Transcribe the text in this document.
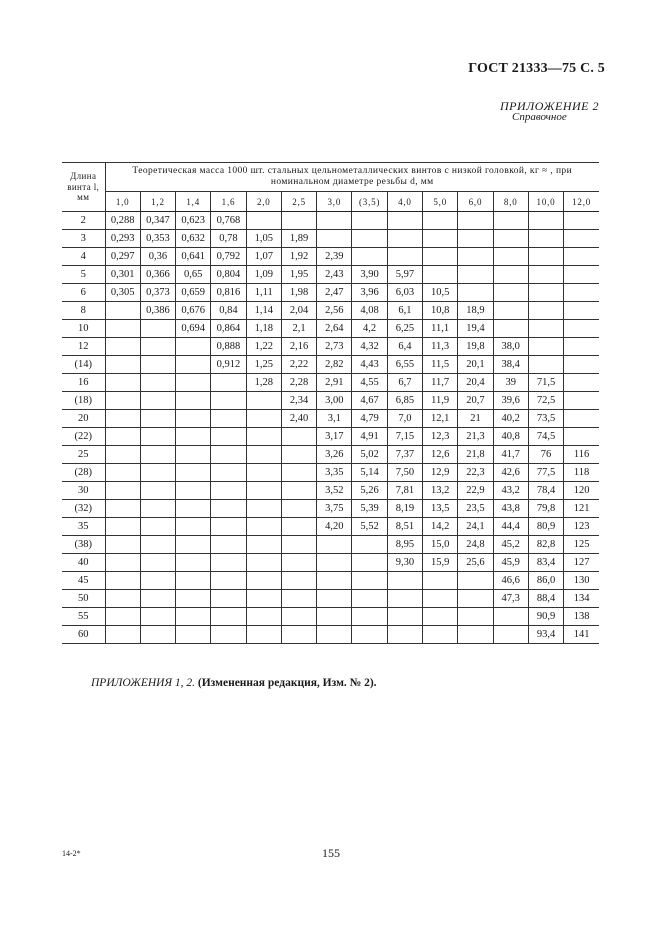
ГОСТ 21333—75 С. 5
ПРИЛОЖЕНИЕ 2
Справочное
Длина винта l, мм	Теоретическая масса 1000 шт. стальных цельнометаллических винтов с низкой головкой, кг ≈ , при номинальном диаметре резьбы d, мм													
	1,0	1,2	1,4	1,6	2,0	2,5	3,0	(3,5)	4,0	5,0	6,0	8,0	10,0	12,0
2	0,288	0,347	0,623	0,768										
3	0,293	0,353	0,632	0,78	1,05	1,89								
4	0,297	0,36	0,641	0,792	1,07	1,92	2,39							
5	0,301	0,366	0,65	0,804	1,09	1,95	2,43	3,90	5,97					
6	0,305	0,373	0,659	0,816	1,11	1,98	2,47	3,96	6,03	10,5				
8		0,386	0,676	0,84	1,14	2,04	2,56	4,08	6,1	10,8	18,9			
10			0,694	0,864	1,18	2,1	2,64	4,2	6,25	11,1	19,4			
12				0,888	1,22	2,16	2,73	4,32	6,4	11,3	19,8	38,0		
(14)				0,912	1,25	2,22	2,82	4,43	6,55	11,5	20,1	38,4		
16					1,28	2,28	2,91	4,55	6,7	11,7	20,4	39	71,5	
(18)						2,34	3,00	4,67	6,85	11,9	20,7	39,6	72,5	
20						2,40	3,1	4,79	7,0	12,1	21	40,2	73,5	
(22)							3,17	4,91	7,15	12,3	21,3	40,8	74,5	
25							3,26	5,02	7,37	12,6	21,8	41,7	76	116
(28)							3,35	5,14	7,50	12,9	22,3	42,6	77,5	118
30							3,52	5,26	7,81	13,2	22,9	43,2	78,4	120
(32)							3,75	5,39	8,19	13,5	23,5	43,8	79,8	121
35							4,20	5,52	8,51	14,2	24,1	44,4	80,9	123
(38)									8,95	15,0	24,8	45,2	82,8	125
40									9,30	15,9	25,6	45,9	83,4	127
45												46,6	86,0	130
50												47,3	88,4	134
55													90,9	138
60													93,4	141
ПРИЛОЖЕНИЯ 1, 2. (Измененная редакция, Изм. № 2).
14-2*	155
